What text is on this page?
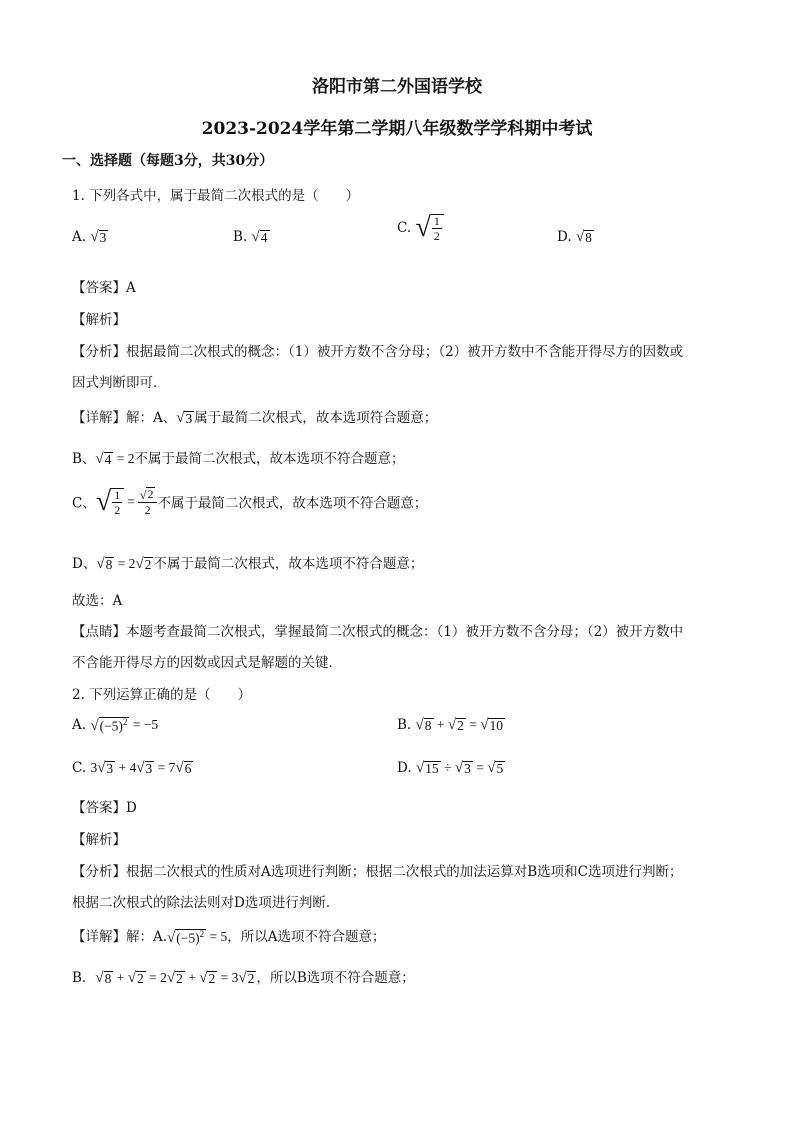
洛阳市第二外国语学校
2023-2024学年第二学期八年级数学学科期中考试
一、选择题（每题3分，共30分）
1. 下列各式中，属于最简二次根式的是（　　）
A. √ 3	B. √ 4
C. √ $\frac{1}{2}$	D. √ 8
【答案】A
【解析】
【分析】根据最简二次根式的概念：（1）被开方数不含分母；（2）被开方数中不含能开得尽方的因数或
因式判断即可．
【详解】解：A、 √ 3 属于最简二次根式，故本选项符合题意；
B、 √ 4 = 2不属于最简二次根式，故本选项不符合题意；
C、 √ $\frac{1}{2} = \frac{√ 2}{2}$ 不属于最简二次根式，故本选项不符合题意；
D、 √ 8 = 2 √ 2 不属于最简二次根式，故本选项不符合题意；
故选：A
【点睛】本题考查最简二次根式，掌握最简二次根式的概念：（1）被开方数不含分母；（2）被开方数中
不含能开得尽方的因数或因式是解题的关键．
2. 下列运算正确的是（　　）
A. √ $(-5)^2 = -5$	B. √ 8 + √ 2 = √ 10
C. 3 √ 3 + 4 √ 3 = 7 √ 6	D. √ 15 ÷ √ 3 = √ 5
【答案】D
【解析】
【分析】根据二次根式的性质对A选项进行判断；根据二次根式的加法运算对B选项和C选项进行判断；
根据二次根式的除法法则对D选项进行判断．
【详解】解：A. √ $(-5)^2 = 5$，所以A选项不符合题意；
B． √ 8 + √ 2 = 2 √ 2 + √ 2 = 3 √ 2 ，所以B选项不符合题意；
